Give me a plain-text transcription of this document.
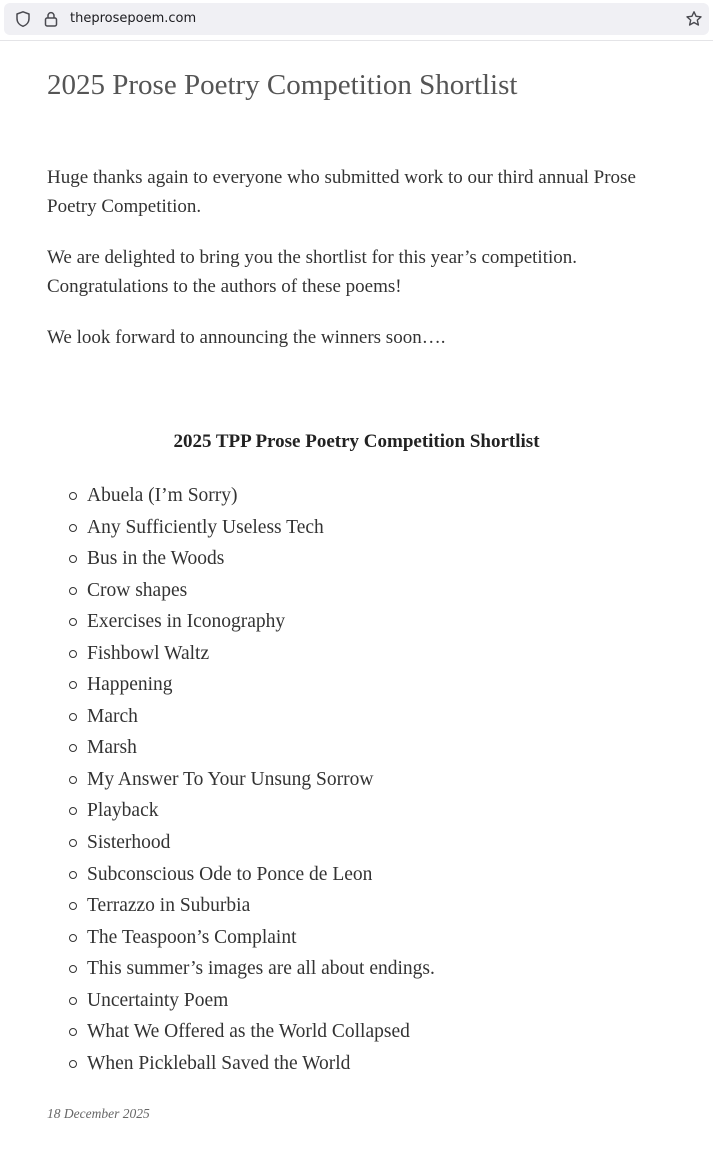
theprosepoem.com
2025 Prose Poetry Competition Shortlist

Huge thanks again to everyone who submitted work to our third annual Prose Poetry Competition.

We are delighted to bring you the shortlist for this year’s competition. Congratulations to the authors of these poems!

We look forward to announcing the winners soon….

2025 TPP Prose Poetry Competition Shortlist
Abuela (I’m Sorry)
Any Sufficiently Useless Tech
Bus in the Woods
Crow shapes
Exercises in Iconography
Fishbowl Waltz
Happening
March
Marsh
My Answer To Your Unsung Sorrow
Playback
Sisterhood
Subconscious Ode to Ponce de Leon
Terrazzo in Suburbia
The Teaspoon’s Complaint
This summer’s images are all about endings.
Uncertainty Poem
What We Offered as the World Collapsed
When Pickleball Saved the World

18 December 2025
